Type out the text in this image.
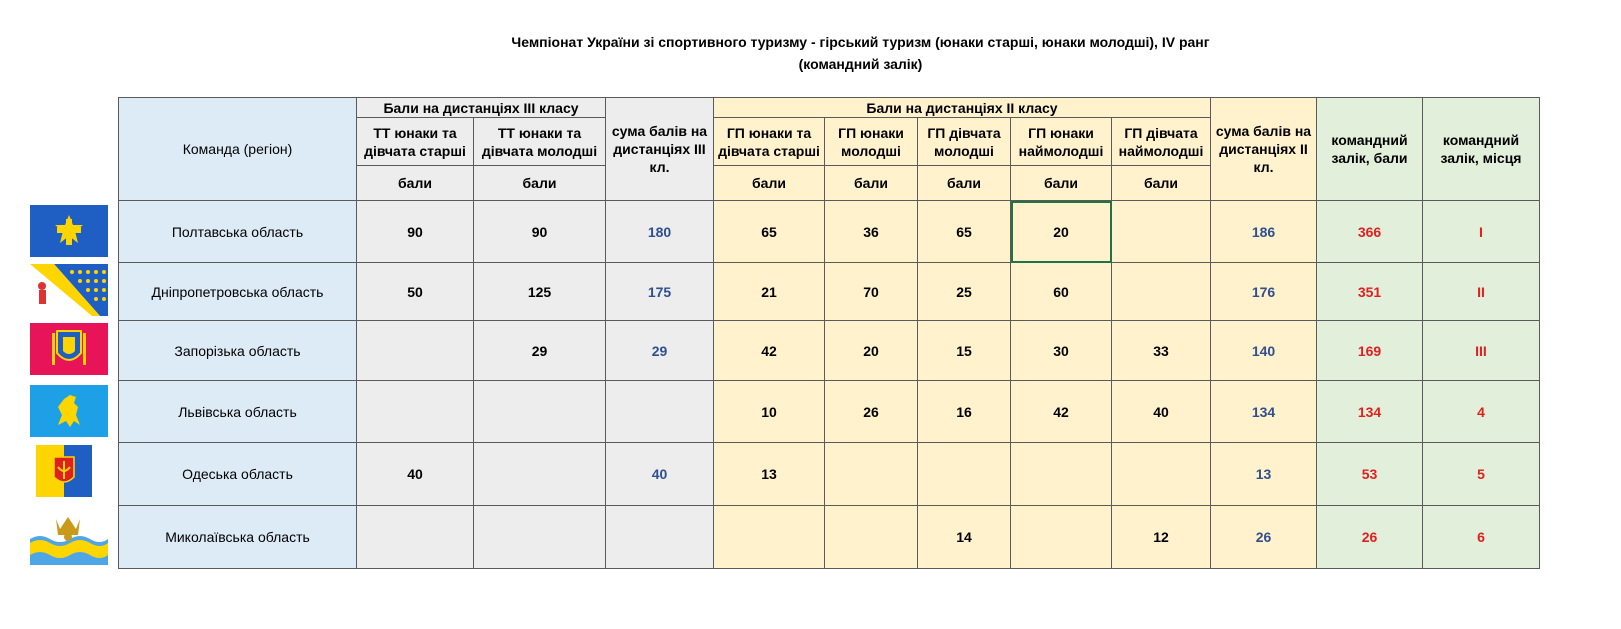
Чемпіонат України зі спортивного туризму - гірський туризм (юнаки старші, юнаки молодші), IV ранг
(командний залік)
Команда (регіон)	Бали на дистанціях ІІІ класу		сума балів на дистанціях ІІІ кл.	Бали на дистанціях ІІ класу					сума балів на дистанціях ІІ кл.	командний залік, бали	командний залік, місця
	ТТ юнаки та дівчата старші	ТТ юнаки та дівчата молодші		ГП юнаки та дівчата старші	ГП юнаки молодші	ГП дівчата молодші	ГП юнаки наймолодші	ГП дівчата наймолодші			
	бали	бали		бали	бали	бали	бали	бали			
Полтавська область	90	90	180	65	36	65	20		186	366	I
Дніпропетровська область	50	125	175	21	70	25	60		176	351	II
Запорізька область		29	29	42	20	15	30	33	140	169	III
Львівська область				10	26	16	42	40	134	134	4
Одеська область	40		40	13					13	53	5
Миколаївська область						14		12	26	26	6
